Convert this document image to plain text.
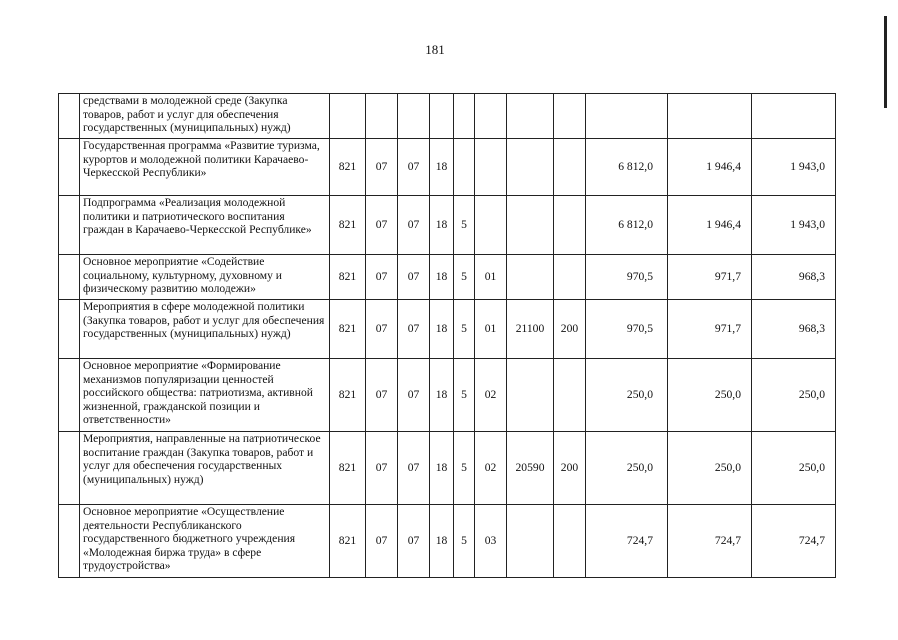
181
	средствами в молодежной среде (Закупка товаров, работ и услуг для обеспечения государственных (муниципальных) нужд)											
	Государственная программа «Развитие туризма, курортов и молодежной политики Карачаево-Черкесской Республики»	821	07	07	18					6 812,0	1 946,4	1 943,0
	Подпрограмма «Реализация молодежной политики и патриотического воспитания граждан в Карачаево-Черкесской Республике»	821	07	07	18	5				6 812,0	1 946,4	1 943,0
	Основное мероприятие «Содействие социальному, культурному, духовному и физическому развитию молодежи»	821	07	07	18	5	01			970,5	971,7	968,3
	Мероприятия в сфере молодежной политики (Закупка товаров, работ и услуг для обеспечения государственных (муниципальных) нужд)	821	07	07	18	5	01	21100	200	970,5	971,7	968,3
	Основное мероприятие «Формирование механизмов популяризации ценностей российского общества: патриотизма, активной жизненной, гражданской позиции и ответственности»	821	07	07	18	5	02			250,0	250,0	250,0
	Мероприятия, направленные на патриотическое воспитание граждан (Закупка товаров, работ и услуг для обеспечения государственных (муниципальных) нужд)	821	07	07	18	5	02	20590	200	250,0	250,0	250,0
	Основное мероприятие «Осуществление деятельности Республиканского государственного бюджетного учреждения «Молодежная биржа труда» в сфере трудоустройства»	821	07	07	18	5	03			724,7	724,7	724,7
